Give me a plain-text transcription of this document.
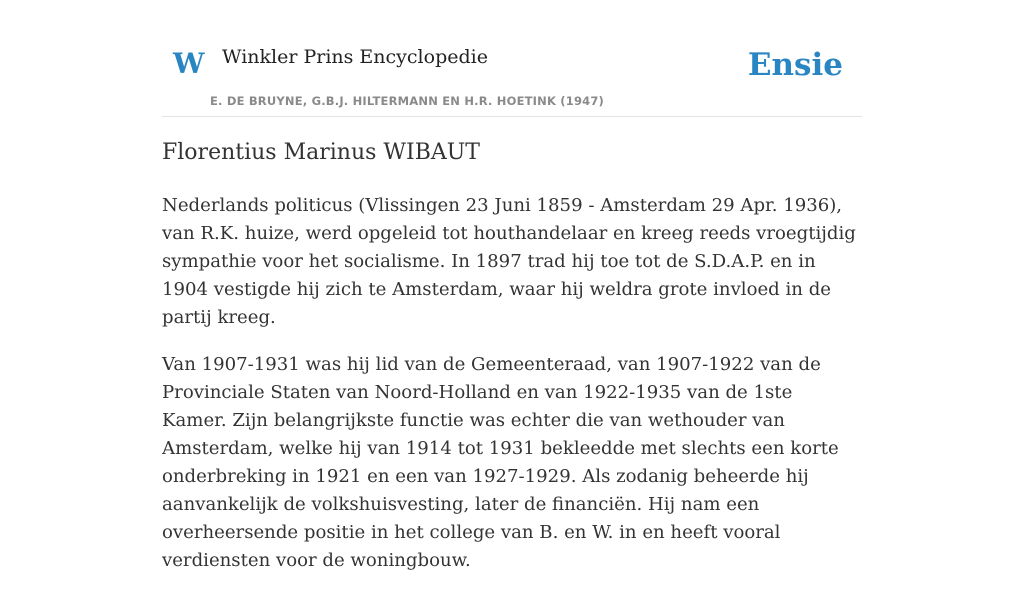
W Winkler Prins Encyclopedie
E. DE BRUYNE, G.B.J. HILTERMANN EN H.R. HOETINK (1947)
Ensie
Florentius Marinus WIBAUT

Nederlands politicus (Vlissingen 23 Juni 1859 - Amsterdam 29 Apr. 1936), van R.K. huize, werd opgeleid tot houthandelaar en kreeg reeds vroegtijdig sympathie voor het socialisme. In 1897 trad hij toe tot de S.D.A.P. en in 1904 vestigde hij zich te Amsterdam, waar hij weldra grote invloed in de partij kreeg.

Van 1907-1931 was hij lid van de Gemeenteraad, van 1907-1922 van de Provinciale Staten van Noord-Holland en van 1922-1935 van de 1ste Kamer. Zijn belangrijkste functie was echter die van wethouder van Amsterdam, welke hij van 1914 tot 1931 bekleedde met slechts een korte onderbreking in 1921 en een van 1927-1929. Als zodanig beheerde hij aanvankelijk de volkshuisvesting, later de financiën. Hij nam een overheersende positie in het college van B. en W. in en heeft vooral verdiensten voor de woningbouw.
